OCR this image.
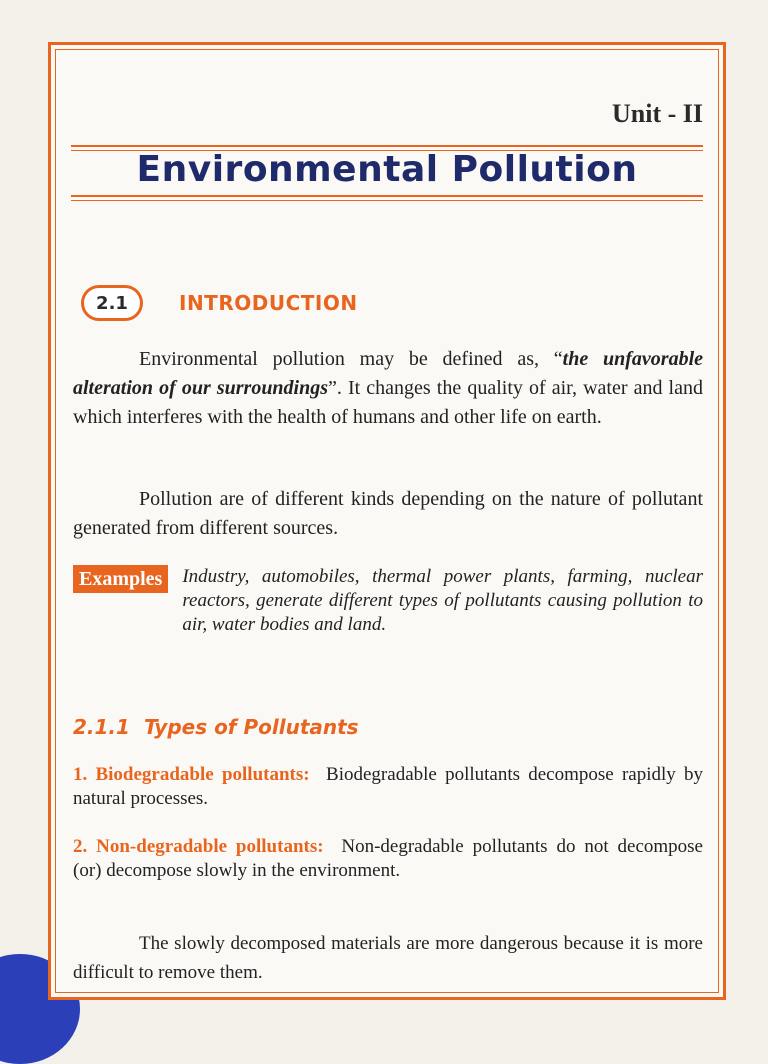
Unit - II
Environmental Pollution
2.1	INTRODUCTION
Environmental pollution may be defined as, “the unfavorable alteration of our surroundings”. It changes the quality of air, water and land which interferes with the health of humans and other life on earth.
Pollution are of different kinds depending on the nature of pollutant generated from different sources.
Examples	Industry, automobiles, thermal power plants, farming, nuclear reactors, generate different types of pollutants causing pollution to air, water bodies and land.
2.1.1 Types of Pollutants
1. Biodegradable pollutants: Biodegradable pollutants decompose rapidly by natural processes.
2. Non-degradable pollutants: Non-degradable pollutants do not decompose (or) decompose slowly in the environment.
The slowly decomposed materials are more dangerous because it is more difficult to remove them.
